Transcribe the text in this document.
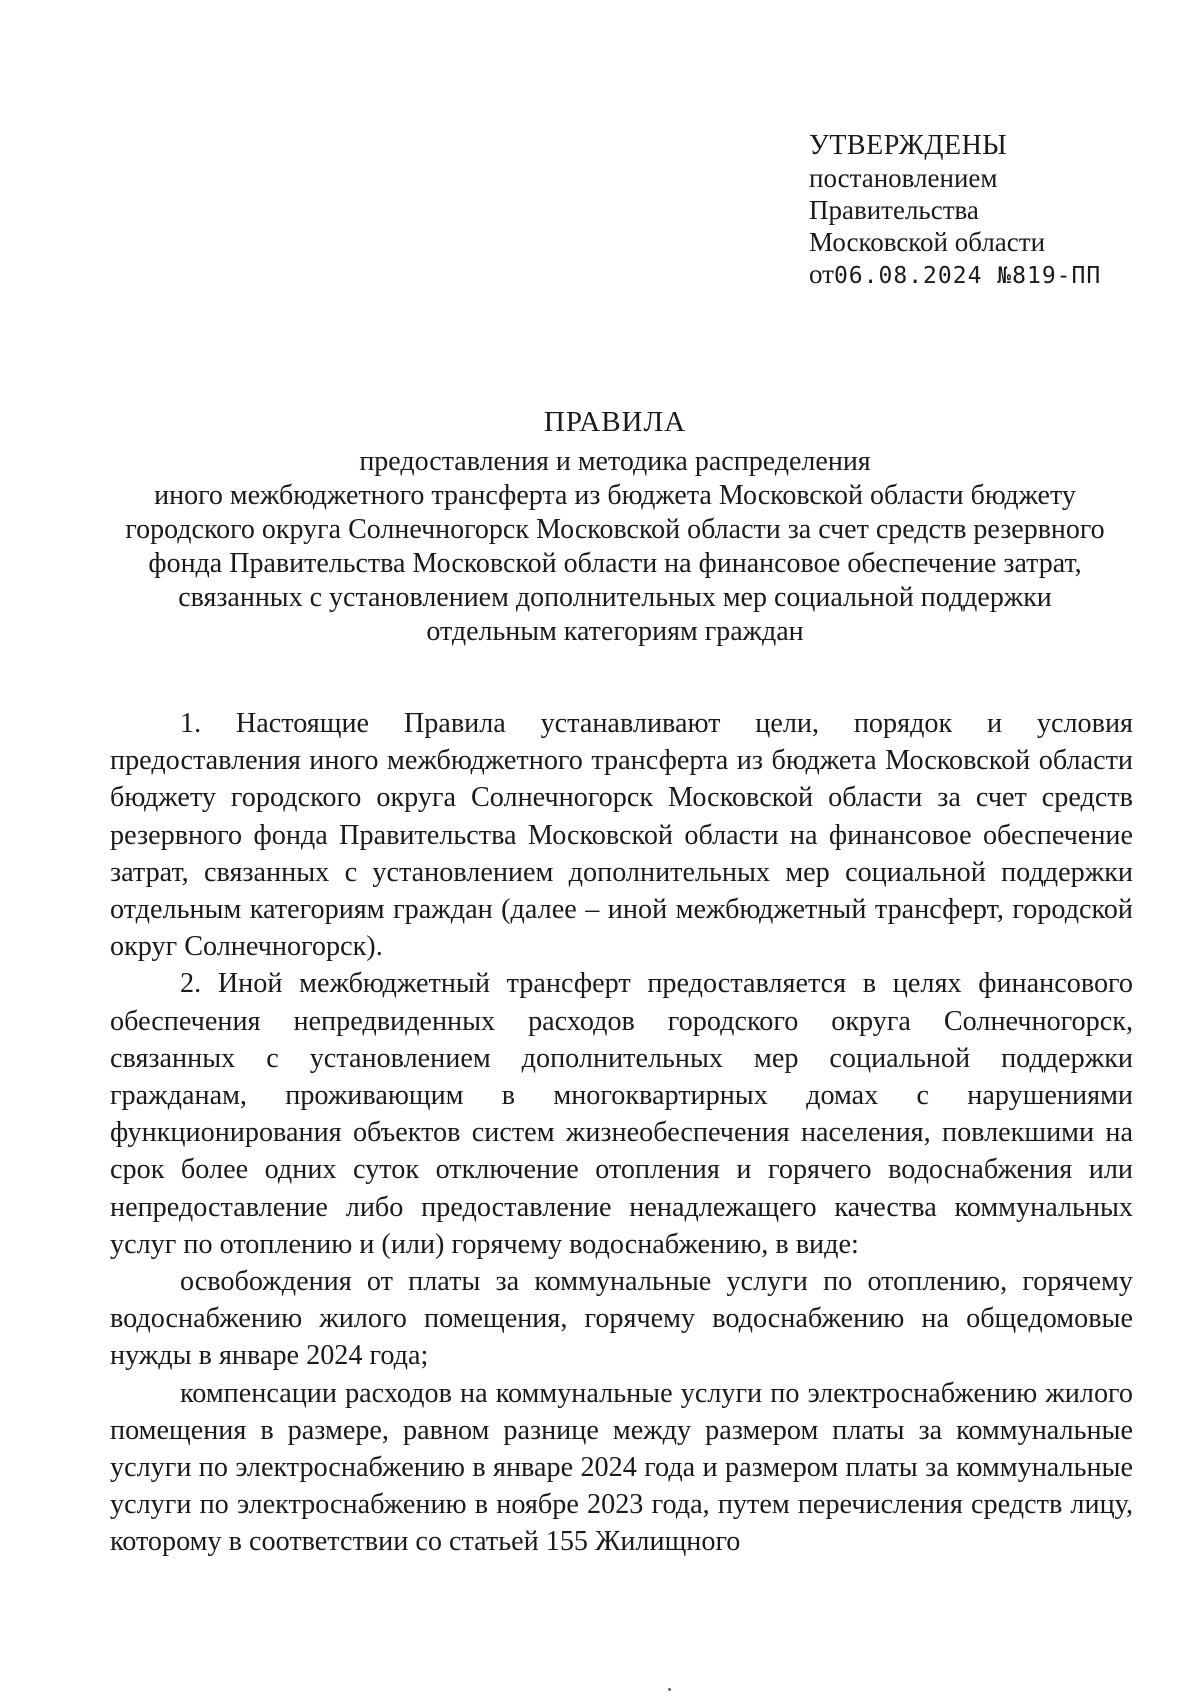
УТВЕРЖДЕНЫ
постановлением
Правительства
Московской области
от06.08.2024 №819-ПП
ПРАВИЛА
предоставления и методика распределения
иного межбюджетного трансферта из бюджета Московской области бюджету
городского округа Солнечногорск Московской области за счет средств резервного
фонда Правительства Московской области на финансовое обеспечение затрат,
связанных с установлением дополнительных мер социальной поддержки
отдельным категориям граждан

1. Настоящие Правила устанавливают цели, порядок и условия предоставления иного межбюджетного трансферта из бюджета Московской области бюджету городского округа Солнечногорск Московской области за счет средств резервного фонда Правительства Московской области на финансовое обеспечение затрат, связанных с установлением дополнительных мер социальной поддержки отдельным категориям граждан (далее – иной межбюджетный трансферт, городской округ Солнечногорск).

2. Иной межбюджетный трансферт предоставляется в целях финансового обеспечения непредвиденных расходов городского округа Солнечногорск, связанных с установлением дополнительных мер социальной поддержки гражданам, проживающим в многоквартирных домах с нарушениями функционирования объектов систем жизнеобеспечения населения, повлекшими на срок более одних суток отключение отопления и горячего водоснабжения или непредоставление либо предоставление ненадлежащего качества коммунальных услуг по отоплению и (или) горячему водоснабжению, в виде:

освобождения от платы за коммунальные услуги по отоплению, горячему водоснабжению жилого помещения, горячему водоснабжению на общедомовые нужды в январе 2024 года;

компенсации расходов на коммунальные услуги по электроснабжению жилого помещения в размере, равном разнице между размером платы за коммунальные услуги по электроснабжению в январе 2024 года и размером платы за коммунальные услуги по электроснабжению в ноябре 2023 года, путем перечисления средств лицу, которому в соответствии со статьей 155 Жилищного
